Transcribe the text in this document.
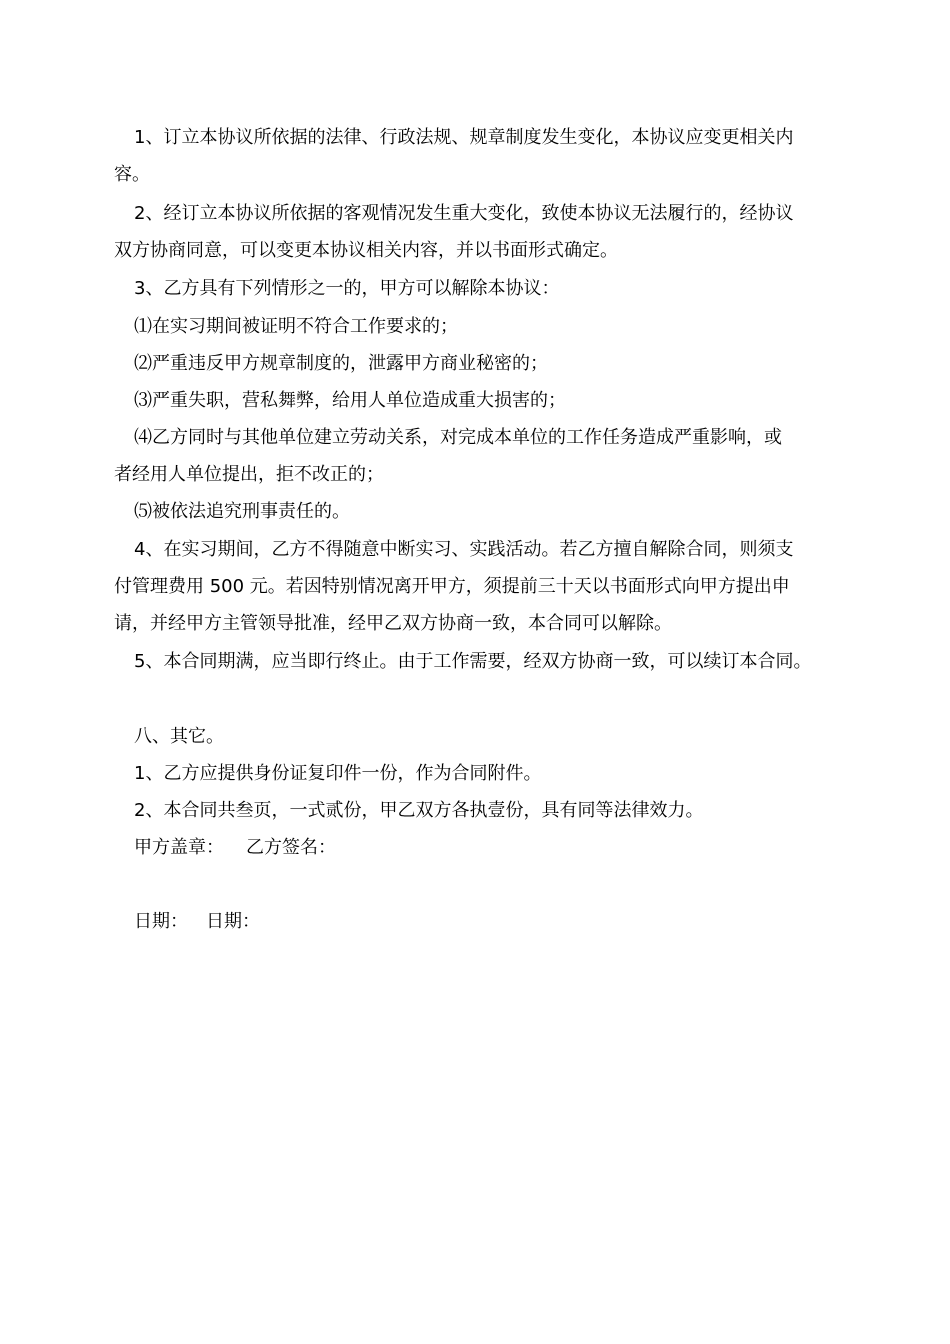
1、订立本协议所依据的法律、行政法规、规章制度发生变化，本协议应变更相关内
容。
2、经订立本协议所依据的客观情况发生重大变化，致使本协议无法履行的，经协议
双方协商同意，可以变更本协议相关内容，并以书面形式确定。
3、乙方具有下列情形之一的，甲方可以解除本协议：
⑴在实习期间被证明不符合工作要求的；
⑵严重违反甲方规章制度的，泄露甲方商业秘密的；
⑶严重失职，营私舞弊，给用人单位造成重大损害的；
⑷乙方同时与其他单位建立劳动关系，对完成本单位的工作任务造成严重影响，或
者经用人单位提出，拒不改正的；
⑸被依法追究刑事责任的。
4、在实习期间，乙方不得随意中断实习、实践活动。若乙方擅自解除合同，则须支
付管理费用 500 元。若因特别情况离开甲方，须提前三十天以书面形式向甲方提出申
请，并经甲方主管领导批准，经甲乙双方协商一致，本合同可以解除。
5、本合同期满，应当即行终止。由于工作需要，经双方协商一致，可以续订本合同。
八、其它。
1、乙方应提供身份证复印件一份，作为合同附件。
2、本合同共叁页，一式贰份，甲乙双方各执壹份，具有同等法律效力。
甲方盖章： 乙方签名：
日期： 日期：
